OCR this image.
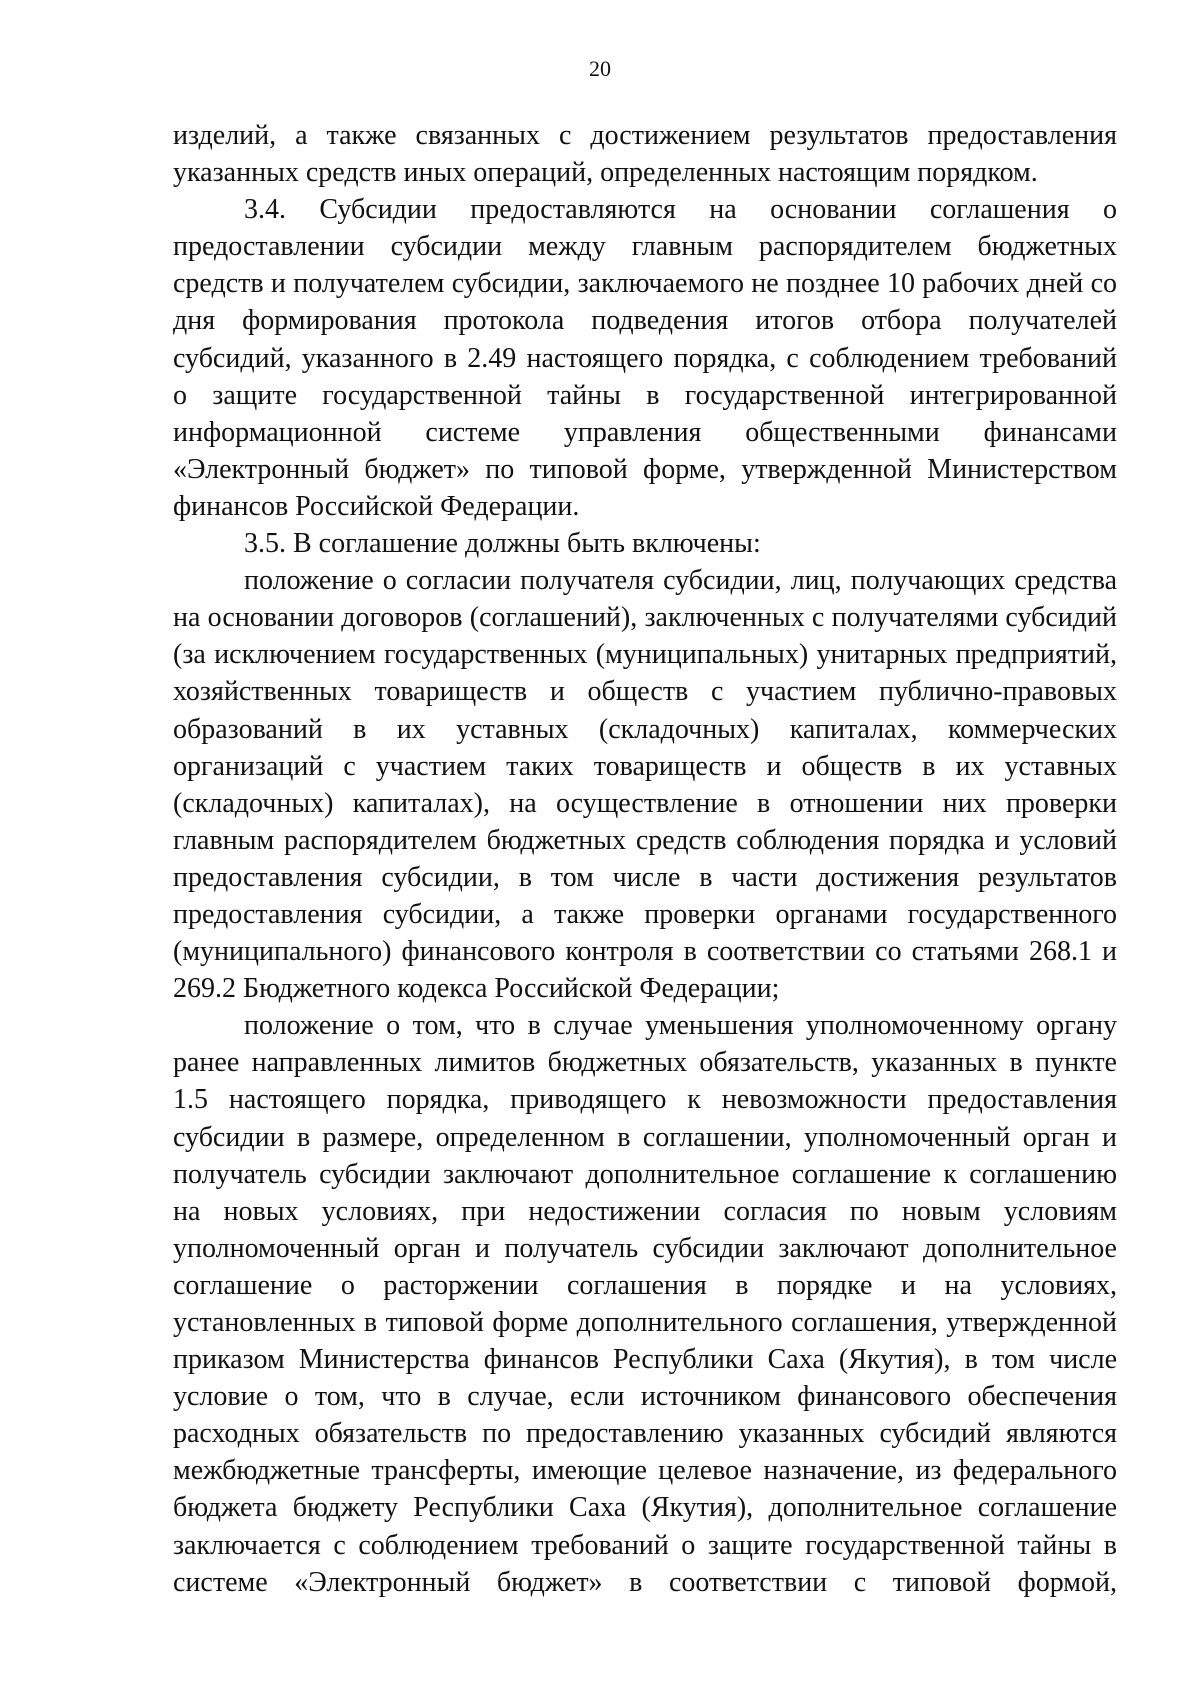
20
изделий, а также связанных с достижением результатов предоставления
указанных средств иных операций, определенных настоящим порядком.
3.4. Субсидии предоставляются на основании соглашения о
предоставлении субсидии между главным распорядителем бюджетных
средств и получателем субсидии, заключаемого не позднее 10 рабочих дней со
дня формирования протокола подведения итогов отбора получателей
субсидий, указанного в 2.49 настоящего порядка, с соблюдением требований
о защите государственной тайны в государственной интегрированной
информационной системе управления общественными финансами
«Электронный бюджет» по типовой форме, утвержденной Министерством
финансов Российской Федерации.
3.5. В соглашение должны быть включены:
положение о согласии получателя субсидии, лиц, получающих средства
на основании договоров (соглашений), заключенных с получателями субсидий
(за исключением государственных (муниципальных) унитарных предприятий,
хозяйственных товариществ и обществ с участием публично-правовых
образований в их уставных (складочных) капиталах, коммерческих
организаций с участием таких товариществ и обществ в их уставных
(складочных) капиталах), на осуществление в отношении них проверки
главным распорядителем бюджетных средств соблюдения порядка и условий
предоставления субсидии, в том числе в части достижения результатов
предоставления субсидии, а также проверки органами государственного
(муниципального) финансового контроля в соответствии со статьями 268.1 и
269.2 Бюджетного кодекса Российской Федерации;
положение о том, что в случае уменьшения уполномоченному органу
ранее направленных лимитов бюджетных обязательств, указанных в пункте
1.5 настоящего порядка, приводящего к невозможности предоставления
субсидии в размере, определенном в соглашении, уполномоченный орган и
получатель субсидии заключают дополнительное соглашение к соглашению
на новых условиях, при недостижении согласия по новым условиям
уполномоченный орган и получатель субсидии заключают дополнительное
соглашение о расторжении соглашения в порядке и на условиях,
установленных в типовой форме дополнительного соглашения, утвержденной
приказом Министерства финансов Республики Саха (Якутия), в том числе
условие о том, что в случае, если источником финансового обеспечения
расходных обязательств по предоставлению указанных субсидий являются
межбюджетные трансферты, имеющие целевое назначение, из федерального
бюджета бюджету Республики Саха (Якутия), дополнительное соглашение
заключается с соблюдением требований о защите государственной тайны в
системе «Электронный бюджет» в соответствии с типовой формой,
